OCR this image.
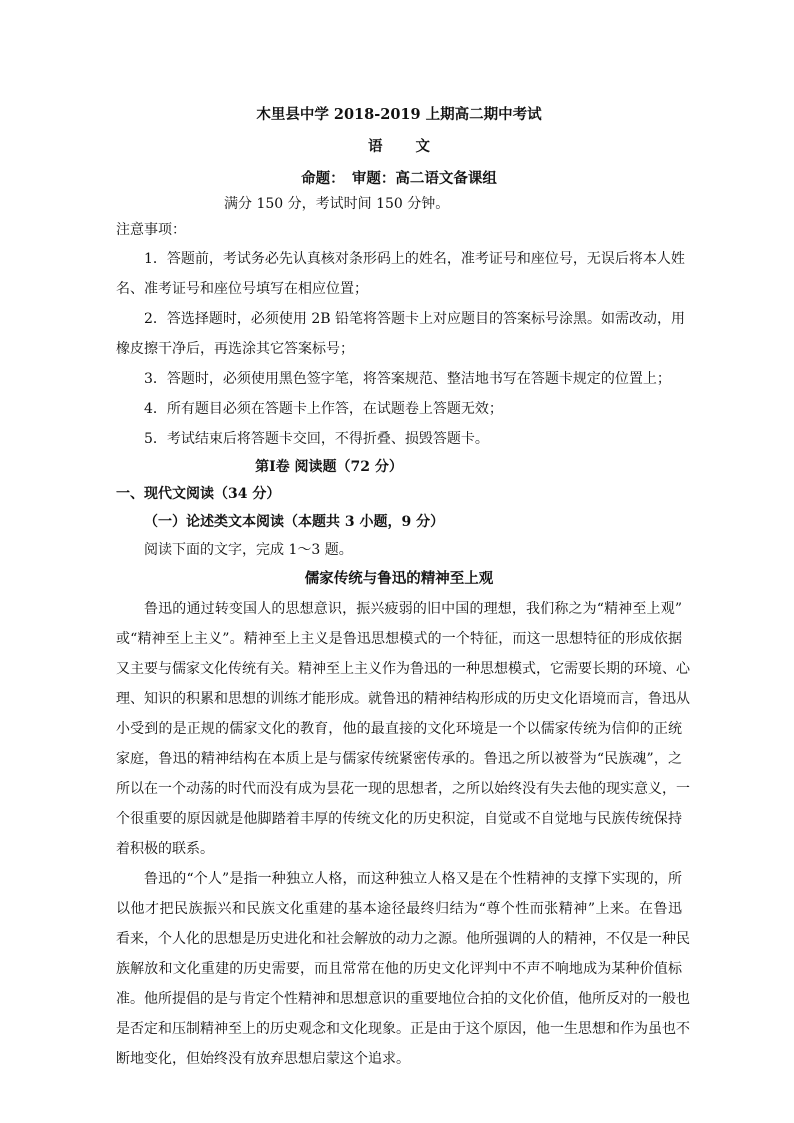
木里县中学 2018-2019 上期高二期中考试
语 文
命题：　审题：高二语文备课组
满分 150 分，考试时间 150 分钟。
注意事项：
1．答题前，考试务必先认真核对条形码上的姓名，准考证号和座位号，无误后将本人姓
名、准考证号和座位号填写在相应位置；
2．答选择题时，必须使用 2B 铅笔将答题卡上对应题目的答案标号涂黑。如需改动，用
橡皮擦干净后，再选涂其它答案标号；
3．答题时，必须使用黑色签字笔，将答案规范、整洁地书写在答题卡规定的位置上；
4．所有题目必须在答题卡上作答，在试题卷上答题无效；
5．考试结束后将答题卡交回，不得折叠、损毁答题卡。
第Ⅰ卷 阅读题（72 分）
一、现代文阅读（34 分）
（一）论述类文本阅读（本题共 3 小题，9 分）
阅读下面的文字，完成 1～3 题。
儒家传统与鲁迅的精神至上观
鲁迅的通过转变国人的思想意识，振兴疲弱的旧中国的理想，我们称之为“精神至上观”
或“精神至上主义”。精神至上主义是鲁迅思想模式的一个特征，而这一思想特征的形成依据
又主要与儒家文化传统有关。精神至上主义作为鲁迅的一种思想模式，它需要长期的环境、心
理、知识的积累和思想的训练才能形成。就鲁迅的精神结构形成的历史文化语境而言，鲁迅从
小受到的是正规的儒家文化的教育，他的最直接的文化环境是一个以儒家传统为信仰的正统
家庭，鲁迅的精神结构在本质上是与儒家传统紧密传承的。鲁迅之所以被誉为“民族魂”，之
所以在一个动荡的时代而没有成为昙花一现的思想者，之所以始终没有失去他的现实意义，一
个很重要的原因就是他脚踏着丰厚的传统文化的历史积淀，自觉或不自觉地与民族传统保持
着积极的联系。
鲁迅的“个人”是指一种独立人格，而这种独立人格又是在个性精神的支撑下实现的，所
以他才把民族振兴和民族文化重建的基本途径最终归结为“尊个性而张精神”上来。在鲁迅
看来，个人化的思想是历史进化和社会解放的动力之源。他所强调的人的精神，不仅是一种民
族解放和文化重建的历史需要，而且常常在他的历史文化评判中不声不响地成为某种价值标
准。他所提倡的是与肯定个性精神和思想意识的重要地位合拍的文化价值，他所反对的一般也
是否定和压制精神至上的历史观念和文化现象。正是由于这个原因，他一生思想和作为虽也不
断地变化，但始终没有放弃思想启蒙这个追求。
